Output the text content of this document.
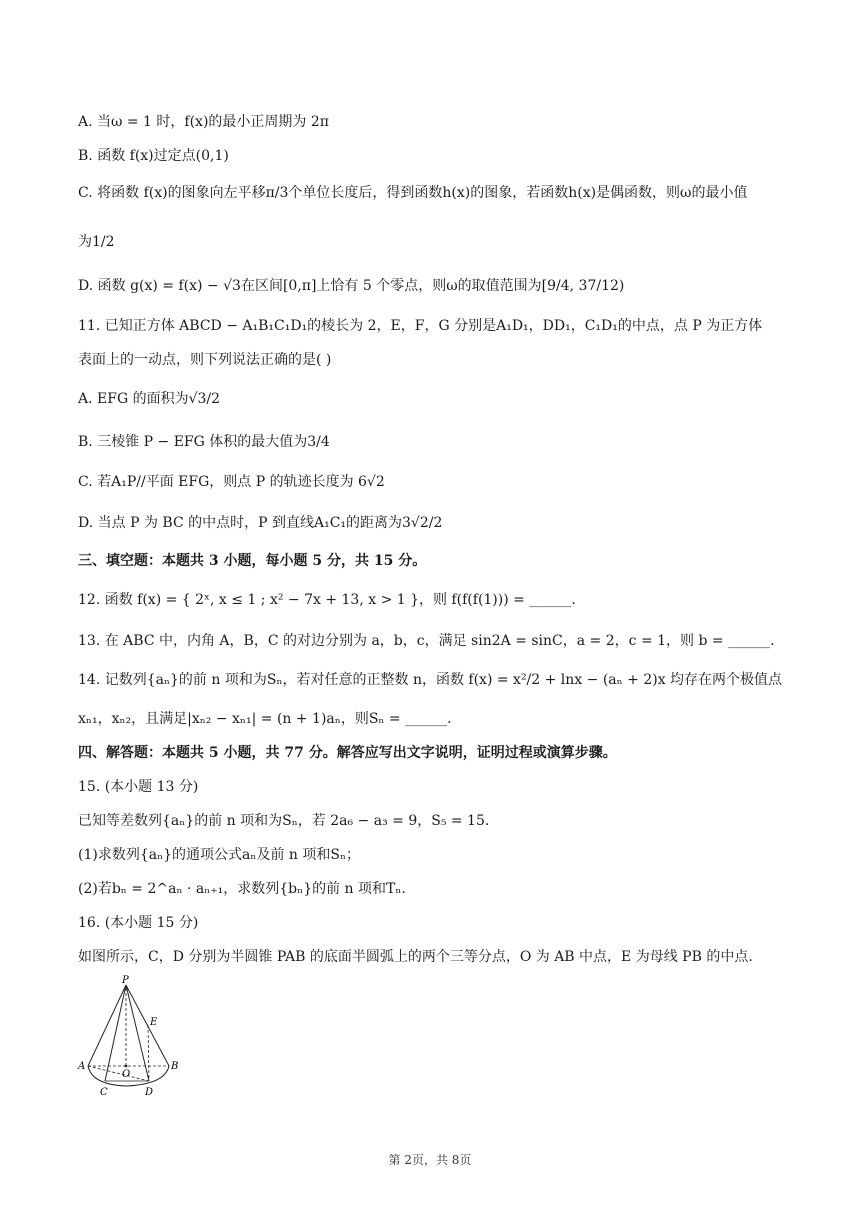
A. 当ω = 1 时，f(x)的最小正周期为 2π
B. 函数 f(x)过定点(0,1)
C. 将函数 f(x)的图象向左平移π/3个单位长度后，得到函数h(x)的图象，若函数h(x)是偶函数，则ω的最小值
为1/2
D. 函数 g(x) = f(x) − √3在区间[0,π]上恰有 5 个零点，则ω的取值范围为[9/4, 37/12)
11. 已知正方体 ABCD − A₁B₁C₁D₁的棱长为 2，E，F，G 分别是A₁D₁，DD₁，C₁D₁的中点，点 P 为正方体
表面上的一动点，则下列说法正确的是( )
A. EFG 的面积为√3/2
B. 三棱锥 P − EFG 体积的最大值为3/4
C. 若A₁P//平面 EFG，则点 P 的轨迹长度为 6√2
D. 当点 P 为 BC 的中点时，P 到直线A₁C₁的距离为3√2/2
三、填空题：本题共 3 小题，每小题 5 分，共 15 分。
12. 函数 f(x) = { 2ˣ, x ≤ 1 ; x² − 7x + 13, x > 1 }，则 f(f(f(1))) = ______.
13. 在 ABC 中，内角 A，B，C 的对边分别为 a，b，c，满足 sin2A = sinC，a = 2，c = 1，则 b = ______.
14. 记数列{aₙ}的前 n 项和为Sₙ，若对任意的正整数 n，函数 f(x) = x²/2 + lnx − (aₙ + 2)x 均存在两个极值点
xₙ₁，xₙ₂，且满足|xₙ₂ − xₙ₁| = (n + 1)aₙ，则Sₙ = ______.
四、解答题：本题共 5 小题，共 77 分。解答应写出文字说明，证明过程或演算步骤。
15. (本小题 13 分)
已知等差数列{aₙ}的前 n 项和为Sₙ，若 2a₆ − a₃ = 9，S₅ = 15.
(1)求数列{aₙ}的通项公式aₙ及前 n 项和Sₙ；
(2)若bₙ = 2^aₙ · aₙ₊₁，求数列{bₙ}的前 n 项和Tₙ.
16. (本小题 15 分)
如图所示，C，D 分别为半圆锥 PAB 的底面半圆弧上的两个三等分点，O 为 AB 中点，E 为母线 PB 的中点.
P
E
A
O
B
C	D
第 2页，共 8页
